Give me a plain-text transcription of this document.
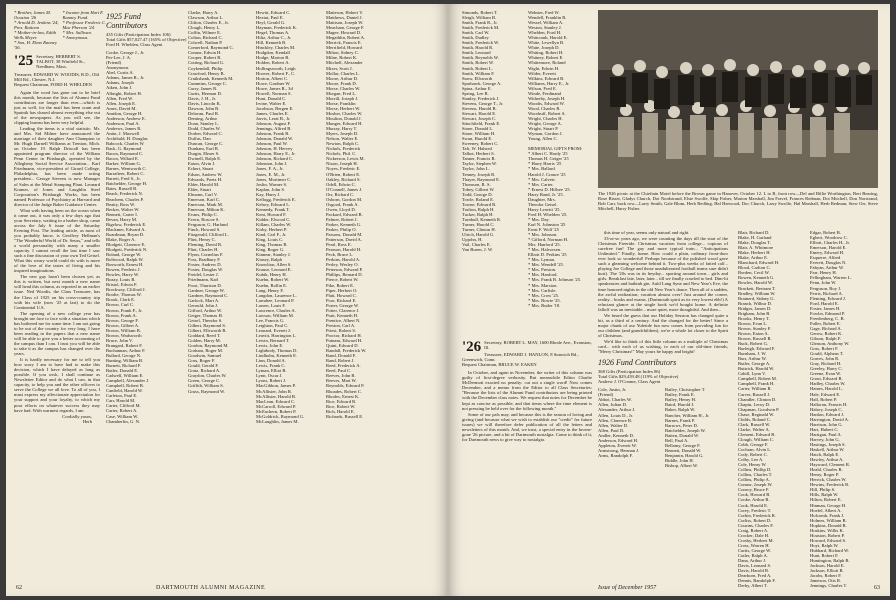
* Brother, James M.
Ocasion '26
* Arnold D. Jenkins '24,
Pres. Rattoon
* Mother-in-law, Edith
Wells Meyer.
* Son, H. Elmo Ranney
'56.
* Income from Hart F.
Ranney Fund.
* Professor Frederic C.
Mac Pherson '24.
* Mrs. Sullivan.
* Anonymous.
'25 Secretary, HERBERT S. TALBOT, 38 Winfield St., Needham, Mass.
Treasurer, EDWARD W. WOODIS, R.D., Old Mill Rd., Chester, N.J.
Bequest Chairman, FORD H. WHELDEN

Again the word has gone out to be brief this month, because the lists of Alumni Fund contributors are longer than ever—which is just as well, for the mail has been scant and Sputnik has chased almost everything else out of the newspapers. As you will see, the clipping bureau has been very helpful.

Leading the items is a vital statistic: Mr. and Mrs. Sid Milner have announced the marriage of their daughter Ann Champion to Mr. Hugh Darnell Williams at Trenton, Mich. on October 19. Ralph Driscoll has been appointed program director of the William Penn Center in Pittsburgh, operated by the Allegheny Social Service Association... Karl Friedmann, vice-president of Girard College, Philadelphia, has been made acting president... George Stevens is now Manager of Sales at the Metal Stamping Plant. Leonard Kramer, of Jones and Laughlin Steel Corporation's Pittsburgh Works, has been named Professor of Psychiatry at Harvard and director of the Judge Baker Guidance Center.

What with having been on the ocean when it came out, it was only a few days ago that your Secretary, waiting in a barber shop, came across the July 6 issue of the Saturday Evening Post. The leading article, as most of you probably know, is Geoffrey Hellman's "The Wonderful World of Dr. Seuss," and tells a world personality with many a smaller capacity. I cannot recall the last time I saw such a fine discussion of your own Ted Geisel. What this weary world could do with is more of the love of the tastes of living and his inspired imaginations.

The new guy hasn't been chosen yet, as this is written, but next month a new name will head this column, as reported in an earlier issue. Ned Woodis, the Class Treasurer, has the Class of 1925 on his cross-country trip with his wife (now '25 at last) to do the Continental U.S.

The opening of a new college year has brought me face to face with a situation which has bothered me for some time. I am not going to be out of the country for very long. I have been reading in the papers that a new name will be able to give you a better accounting of the campus than I can. I trust you will be able to take it as the campus has changed over the years.

It is hardly necessary for me to tell you how sorry I am to have had to make this decision, which I have delayed as long as possible. If you wish, I shall continue as Newsletter Editor and do what I can, in that capacity, to help you and the other officers to serve the College we all love. To all of you, I must express my affectionate appreciation for your support and your loyalty, to which my poor efforts on whatever success they may have had. With warmest regards, I am

Cordially yours,
Herb
1925 Fund Contributors
435 Gifts (Participation Index 106)
Total Gifts $57,027.47 (165% of Objective)
Ford H. Whelden, Class Agent
Cooke, George J., Jr.
Per-Lee, J. A.
(Friend)
Anonymous
Abel, Curtis A.
Adams, James R., Jr.
Adams, Joseph
Aiken, John J.
Albright, Robert H.
Allen, Fred W.
Allen, Joseph E.
Ames, David M.
Amidon, George H.
Anderson, Andrew E.
Anderson, Paul A.
Andrews, James R.
Antin, J. Maxwell
Archibald, H. Douglas
Babcock, Charles W.
Back, G. Raymond
Bacon, Raymond C.
Bacon, Willard E.
Barker, William G.
Barnes, Wentworth C.
Barrafteer, Robert C.
Barrett, Fred S., Jr.
Batchelder, George H.
Bates, Russell B.
Beach, Frederick N.
Beachem, Charles P.
Beatty, Ross W.
Becker, Walter W.
Bennett, Carter I.
Bevan, Harry M.
Bigelow, Frederick E.
Blackmer, Edward A.
Boardman, Bryan D.
Blake, Roger A.
Blodgett, Clarence E.
Blodgett, Frederick N.
Boland, George W.
Boltwood, Ralph W.
Bosworth, Ernest H.
Bowen, Frederic J.
Bowles, Harry W.
Bozay, Louis R.
Bristol, Edwin F.
Brockway, Clifford J.
Brodie, Thomas W.
Brook, Clark E.
Brown, Carl C.
Brown, Frank F., Jr.
Brown, Frank A.
Brown, George F.
Brown, Gilbert A.
Brown, William B.
Brown, Wadsworth
Bruce, John V.
Brungard, Robert F.
Buchannan, Arthur F.
Bullard, George N.
Bunting, William B.
Burnett, Richard F.
Butler, Donald E.
Cadwell, William E.
Campbell, Alexander J.
Campbell, Robert B.
Canfield, Harold W.
Carleton, Paul E.
Carr, Harold M.
Carter, Clifford M.
Carter, Robert A.
Case, William W.
Chamberlin, G. N.
Clarke, Harry A.
Clawson, Arthur L.
Clifton, Charles E., Jr.
Clough, Henry L.
Coffin, Wilmer E.
Colton, Richard C.
Colwell, Nathan P.
Comerford, Raymond C.
Connor, Edwin H.
Cooper, Robert B.
Cotting, Richard G.
Coykendall, Philip
Crawford, Henry B.
Cruikshank, Kenneth M.
Cummins, George C.
Curry, James R.
Curtis, Herman D.
Davis, J. H., Jr.
Davis, Lincoln K.
Dawson, John B.
Delavan, Paul R.
Deming, Arthur
Doan, Stanley L.
Dodd, Charles W.
Dorber, Edward C.
Duffus, Dan
Duncan, George C.
Dunham, Earl R.
Durgin, Elmer S.
Dwinell, Ralph E.
Eaton, Alvin J.
Eckert, Stuart
Edson, Andrew W.
Edwards, Poetz H.
Elder, Harold M.
Elder, Stuart
Elmonn, Carl V.
Emerson, Karl C.
Emerson, Mark M.
Emerson, Milton K.
Evans, Philip C.
Evern, Roscoe S.
Ferguson, G. Harland
Finch, Howard S.
Fitzgerald, Clifford L.
Flint, Henry C.
Fleming, David R.
Flint, Charles H.
Flynn, Cornelius F.
Foss, Bradbury F.
Foster, Andrew D.
Foster, Douglas W.
Freidel, Lester J.
Friedmann, Karl
Frost, Thurston D.
Gardner, George W.
Gardner, Raymond C.
Garlock, Mart A.
Gerould, John J.
Gifford, Arthur W.
Geiger, Thomas H.
Geisel, Theodor S.
Gilbert, Raymond S.
Gilbert, Ellsworth R.
Goddard, Reed T.
Golden, Harry M.
Gordon, Raymond M.
Gorham, Roger M.
Goodwin, Samuel
Goss, Roger F.
Gould, Gerald F.
Gratz, Richard A.
Graydon, Charles W.
Green, George C.
Griffith, William S.
Gruss, Raymond W.
Hewitt, Edward C.
Hextat, Paul E.
Heyl, Gerald G.
Hayman, Frederick K.
Hegel, Thomas A.
Hiltz, Arthur C., Jr.
Hill, Kenneth B.
Hinckley, Charles M.
Hodgdon, Kendall
Hodge, Marion B.
Holden, Robert A.
Hollingsworth, Leigh
Hoover, Robert F., C.
Horton, Albert C.
Howe, Gardner W.
Howe, James R., 3d
Howell, Norman S.
Hunt, Donald C.
Irvine, Walter E.
Jacobson, Bergen E.
James, Charles E.
Jarvis, Lerat B., Jr.
Johnson, August F.
Jennings, Alfred B.
Johnson, Frank B.
Johnson, Donald W.
Johnson, Paul W.
Johnson, H. Hervey
Johnson, Harry E., Jr.
Johnson, Richard C.
Johnston, John J.
Jones, F. A., Jr.
Jones, E. M., Jr.
Jones, Mortimer C.
Joslin, Warner S.
Kaplan, John S.
Kay, Harry J.
Kellogg, Frederick E.
Kelsey, Edward L.
Kennedy, Frank T.
Kent, Howard F.
Kidder, Elwood C.
Killam, Charles W.
Kirby, Herbert P.
Kind, Carl F., Jr.
King, Louis C.
King, Thomas B.
King, Roger G.
Kinnear, Stanley J.
Kinsey, Ralph
Knowlton, Allen S.
Krause, Leonard E.
Kubik, Henry H.
Kuehn, Robert W.
Kuehn, Rollin E.
Lang, Henry F.
Langdon, Laurence L.
Larrabee, Leonard P.
Larsen, Louis F.
Lawrence, Charles A.
Lawson, William M.
Lee, Francis G.
Leighton, Paul C.
Leonard, Everett J.
Leavitt, Harrington L.
Lewin, Bernard T.
Lewis, John E.
Lightbody, Thomas D.
Lindholm, Kenneth E.
Linn, Donald A.
Lewis, Frank C.
Lyman, Elliot B.
Lynn, Oscar J.
Lyons, Robert J.
MacGibbon, James P.
McAllister, John R.
McAllister, Harold B.
MacLean, Edward C.
McCarroll, Edward P.
McEachern, Robert P.
McGoldrick, Raymond G.
McLaughlin, James M.
Matteson, Hobert V.
Matthews, Daniel J.
Mattison, Joseph W.
Meacham, George F.
Magee, Howard D.
Megathlin, Robert A.
Merrick, Francis E.
Merrifield, Howard
Milton, Sidney C.
Milne, Robert K.
Mitchell, Alexander
Mixer, Scott J.
Mollar, Charles L.
Moore, Arthur D.
Moore, Frank D.
Morse, Charles W.
Morgan, Fred L.
Morrill, Joseph J.
Morse, Franklin
Morse, Herbert W.
Mosher, Charles W.
Moulton, Donald J.
Munger, Edward H.
Murray, Harry T.
Myers, Joseph D.
Nelson, Walter E.
Newton, Ralph C.
Nichols, Frederick
Nichols, Phil. C.
Nickerson, Lewis M.
Nixon, Joseph H.
Noyes, Frederic E.
O'Brien, Robert E.
Oakley, Richard S.
Odell, Edwin C.
O'Connell, James J.
Orr, Richard C.
Osborn, Gordon M.
Osgood, Frank A.
Owen, Lloyd D.
Packard, Edward B.
Palmer, Robert J.
Parker, Kenneth G.
Parker, Philip O.
Parsons, Donald M.
Patterson, David A.
Pearl, Ross E.
Pearson, Harold H.
Peck, Bruce L.
Perkins, Harold A.
Perley, Wesley O.
Peterson, Edward P.
Phillips, Bernard D.
Pierce, Robert W.
Pike, Robert E.
Piper, Herbert O.
Platt, Howard C.
Poor, Richard E.
Porter, George W.
Potter, Clarence J.
Pratt, Kenneth H.
Prentice, Albert N.
Preston, Carl A.
Priest, Robert S.
Proctor, Richard H.
Putnam, Edward H.
Quint, Edward D.
Randall, Frederick W.
Rand, Donald F.
Rand, Robert J.
Reed, Frederick A.
Reed, Paul C.
Reeves, John R.
Reeves, Mart W.
Reynolds, Edward P.
Rhoades, Robert C.
Rhodes, Ernest K.
Rice, Edward R.
Rice, Robert W.
Rich, Harold E.
Richards, Russell E.
62	DARTMOUTH ALUMNI MAGAZINE
Simonds, Robert T.
Sleigh, William B.
Smith, Frank R., Jr.
Smith, Frederick M.
Smith, Carl W.
Smith, Dudley
Smith, Frederick W.
Smith, Harold R.
Smith, Leonard
Smith, Reynolds W.
Smith, Robert W.
Smith, Robert L.
Smith, William F.
Snow, Ellsworth
Sparhawk, George A.
Spina, Arthur E.
Spring, Lee R.
Stanley, Frederick J.
Stevens, George T., Jr.
Stevens, Harold B.
Stewart, Harold E.
Stewart, Joseph C.
Stinchfield, Frank E.
Stone, Donald L.
Stone, William H.
Swan, Harold E.
Sweeney, Robert C.
Taft, W. Halsted
Talbot, Herbert S.
Tanner, Francis R.
Taylor, Stephen W.
Taylor, John L.
Tenney, Joseph R.
Thayer, Raymond E.
Thomson, R. S.
Tobey, Gilbert W.
Todd, George D.
Towle, Roland E.
Towne, Edward B.
Trafton, Ralph H.
Tucker, Ralph H.
Turnbull, Kenneth R.
Turner, Harold C.
Turner, Clinton H.
Ulrich, Harold G.
Upjohn, H.
Vail, Charles E.
Van Buren, J. W.
Webster, Fred W.
Wendell, Franklin R.
Wessel, William A.
Weston, Stanley J.
Whelden, Ford H.
Whitcomb, Harold E.
White, Lewellyn B.
White, Joseph D.
Whiting, Robert H.
Whitney, Robert E.
Whittemore, Roland
Wight, Edwin H.
Wilder, Everett
Wilkins, Edward B.
Williams, Harry E., Jr.
Wilson, Fred E.
Winde, Ferdinand
Witherby, Joseph H.
Woodis, Edward W.
Wood, Charles R.
Woodruff, Robert A.
Wright, Charles H.
Wright, George A.
Wright, Stuart P.
Wyman, Gordon J.
Young, Allen C.

MEMORIAL GIFTS FROM:
* Albert C. Hardy '25
Thomas H. Geiger '25
* Harry Harris '25
* Mrs. Ballard.
Harold J. Crance '25
* Mrs. Calvert.
* Mrs. Carter.
* Ernest D. Hillsee '25.
Harry Rand, Jr. '25.
Daughter, Mrs.
Theodor Geisel.
Harry Leavitt '25.
Fred H. Whelden '25.
* Mrs. Day.
Earl N. Johnston '25
Ernst F. Wolf '25
* Mrs. Johnson.
* Gifford, Norman H.
Mrs. Hanford '25.
* Mrs. Halvorsen.
Elliott D. Perkins '25
* Mrs. Lyman.
* Mrs. Wendell '25.
* Mrs. Preston.
* Mrs. Hanford.
* Mrs. Frank B. Johnson '25.
* Mrs. Marston.
* Mrs. Carlisle.
* Mrs. Crow '25.
* Mrs. Bowie '25.
* Mrs. Butler '18.
The 1926 picnic at the Chieftain Motel before the Brown game in Hanover, October 12. L to R, front row—Del and Billie Worthington, Bert Bearing, Rose Bisset, Gladys Church, Dot Nordstrand, Elsie Swolfe, Skip Fisher, Marion Marshall, Jim Fravel, Frances Redman, Dot Mitchell, Don Norstrand, Bob Carr, back row—Larry Smith, Gale Blum, Herb Redling, Hal Harwood, Doc Church, Larry Swolfe, Hal Marshall, Herb Redman, Stew Orr, Steve Mitchell, Harry Fisher.
'26 Secretary, ROBERT L. MAY, 1600 Rhode Ave., Evanston, Ill.
Treasurer, EDWARD J. HANLON, 8 Sunwich Rd., Greenwich, Conn.
Bequest Chairman, BRUCE W. EAKEN

In October, and again in November, the writer of this column was guilty of first-degree verbosity. But meanwhile Editor Charlie McDermott exacted no penalty: cut out a single word! Now comes December, and a memo from the Editor to all Class Secretaries: "Because the lists of the Alumni Fund contributors are being printed with the December class notes. We request that notes for December be kept as concise as possible, and that items where the time element is not pressing be held over for the following month."

Some of our pals may, and because this is the season of loving and giving (and because what we wish to establish our "credit" for future issues) we will therefore defer publication of all the letters and newsletters of this month. And, we trust, a special entry in the brown-gone '26 picture, and a bit of Dartmouth nostalgia. Come to think of it, for Dartmouth news to give way to nostalgia.

this time of year, seems only natural and right.

33-or-so years ago, we were counting the days till the start of the Christmas Freeride. Christmas vacation from college... copious of carefree fun! The gay and more typical train... "Anticipations Unlimited." Finally, home. How could a plain, ordinary front-door ever look so wonderful! Perhaps because of the polished wood gave such a gleaming welcome behind it. Two-plus weeks of fatted calf... playing Joe College and those unadulterated football teams sure didn't hurt). The '20s was in its heyday... sporting around town... girls and girls. Breakfast late, later, later... till we finally crawled to bed. Dim-lit speakeasies and bathtub gin. Auld Lang Syne and New Year's Eve, the time honored nights in the old New Year's dance. Then all of a sudden, the awful realization; vacation almost over! Just around the corner, reality... books and exams. (Dartmouth spirit as its very lowest ebb!) A reluctant glance at the single book we'd bought home. A definite falloff was an inevitable... more quiet, more thoughtful. And then...

We heard the guess that our Holiday Session has changed quite a bit, as a third of a century. And the changed for the better! Since a major chunk of our Yuletide fun now comes from providing fun for our children (and grandchildren), we're a whole lot closer to the Spirit of Christmas.

We'd like to think of this little column as a multiple of Christmas card... with each of us wishing, to each of our old-time friends, "Merry Christmas!" May yours be happy and bright!

1926 Fund Contributors
368 Gifts (Participation Index 86)
Total Gifts $29,439.48 (119% of Objective)
Andrew J. O'Connor, Class Agent
Cole, Justin, Jr.
(Friend)
Abbot, Charles W.
Allen, Julian D.
Alexander, Arthur J.
Allen, Louis D., Jr.
Allen, Clarence R.
Allen, Walter D.
Allen, Paul D.
Andler, Kenneth D.
Anderson, Edward H.
Appleton, Everett W.
Armstrong, Herman J.
Arms, Randolph F.
Bailey, Christopher T.
Bailey, Frank E.
Bailey, Henry H.
Baird, Harold J.
Baker, Ralph W.
Bancher, William H., Jr.
Barnes, Frank P.
Barrows, Peter D.
Batchelder, Joseph W.
Batten, Donald W.
Bell, Paul A.
Bellamy, George F.
Bennett, Donald W.
Benjamin, Harold G.
Biddle, John H.
Bishop, Albert W.
Blair, Richard D.
Blake, H. Garland
Blake, Douglas T.
Blair, A. Whitmore
Blake, Herbert H.
Blake, Arthur E.
Blanchard, Edward H.
Blood, Carlton C.
Borden, Cecil W.
Bowen, Kenneth G.
Bowles, Harold W.
Brackett, Bertram T.
Bradley, William W.
Brainerd, Sidney G.
Branch, Wilbur D.
Bridges, James D.
Brigham, John B.
Brooks, Henry T.
Brown, Evan L.
Brown, Stanley F.
Brown, Eaton A.
Brown, Russell R.
Buck, Robert G.
Burleigh, Edward F.
Burnham, J. W.
Burr, Arthur W.
Butler, George A.
Buttrick, Harold W.
Cahill, Lynn V.
Campbell, Robert M.
Campbell, Frank H.
Carter, William R.
Carver, Russell J.
Chandler, Clinton D.
Chapin, Leroy D.
Chapman, Goodwin P.
Chase, Reginald W.
Childs, Roland C.
Clark, Russell W.
Clarke, Walter A.
Clement, Edward B.
Clough, William C.
Cobb, George F.
Cochran, Alvin L.
Cody, Robert C.
Colby, Lee A.
Cole, Henry W.
Collins, Phillip D.
Collins, Charles T.
Collins, Philip A.
Connor, Joseph W.
Conroy, Bruce F.
Cook, Howard B.
Cooke, Arthur R.
Cook, Harold E.
Corey, Frederic T.
Corbin, Frederick R.
Corliss, Robert D.
Cousins, Charles F.
Craig, Robert A.
Crocker, Dale H.
Crosby, Herbert M.
Cross, Warren H.
Curtis, George W.
Cutler, Ralph A.
Dana, Arthur J.
Davis, Leonard S.
Davis, Harold B.
Dearborn, Fred A.
Dennis, Randolph F.
Derby, Albert T.
Edgar, Robert B.
Egbert, Woodrow C.
Elliott, Charles H., Jr.
Emerson, Harold E.
Emery, Edward H.
Esquerre, Alfred
Everett, Douglas N.
Fabyan, Arthur W.
Farr, Henry H.
Fellingham, Warren L.
Fenn, John W.
Ferguson, Roy J.
Ferris, Richard A.
Fleming, Edward J.
Ford, Harold E.
Foster, James H.
Fowler, Edmond P.
Freedenberg, C. B.
Fuller, Robert E.
Gage, Richard A.
Gerow, Robert K.
Gibson, Ralph F.
Gleason, Anthony W.
Goss, Robert F.
Gould, Alpheus T.
Graves, John R.
Gray, Richard H.
Greeley, Harry C.
Greene, Evan W.
Grout, Edward R.
Hadley, Charles W.
Haines, Harold L.
Hale, Edward E.
Hall, Robert P.
Halloran, Francis H.
Halsey, Joseph C.
Hanlon, Edward J.
Harrington, David A.
Harrison, John G.
Hart, Hubert C.
Hartigan, Paul A.
Harvey, John G.
Hastings, Joseph S.
Haskell, Arthur W.
Hatch, Ralph E.
Hawley, Arthur A.
Hayward, Clement R.
Heald, Charles R.
Henry, Roger P.
Herrick, Charles W.
Hewins, Frederick R.
Hill, Philip S.
Hills, Ralph W.
Hilton, Robert E.
Hinman, George H.
Hoefel, Albert A.
Holcomb, Frank J.
Holmes, William B.
Hopkins, Donald B.
Hoskins, Willis K.
Houston, Robert P.
Howard, Edward S.
Hoyt, Ralph W.
Hubbard, Richard W.
Hunt, Robert F.
Huntington, Ralph B.
Jackson, Harold E.
Jackson, Elliott B.
Jacobs, Robert F.
Jameson, Otis R.
Jennings, Charles T.
Issue of December 1957	63
